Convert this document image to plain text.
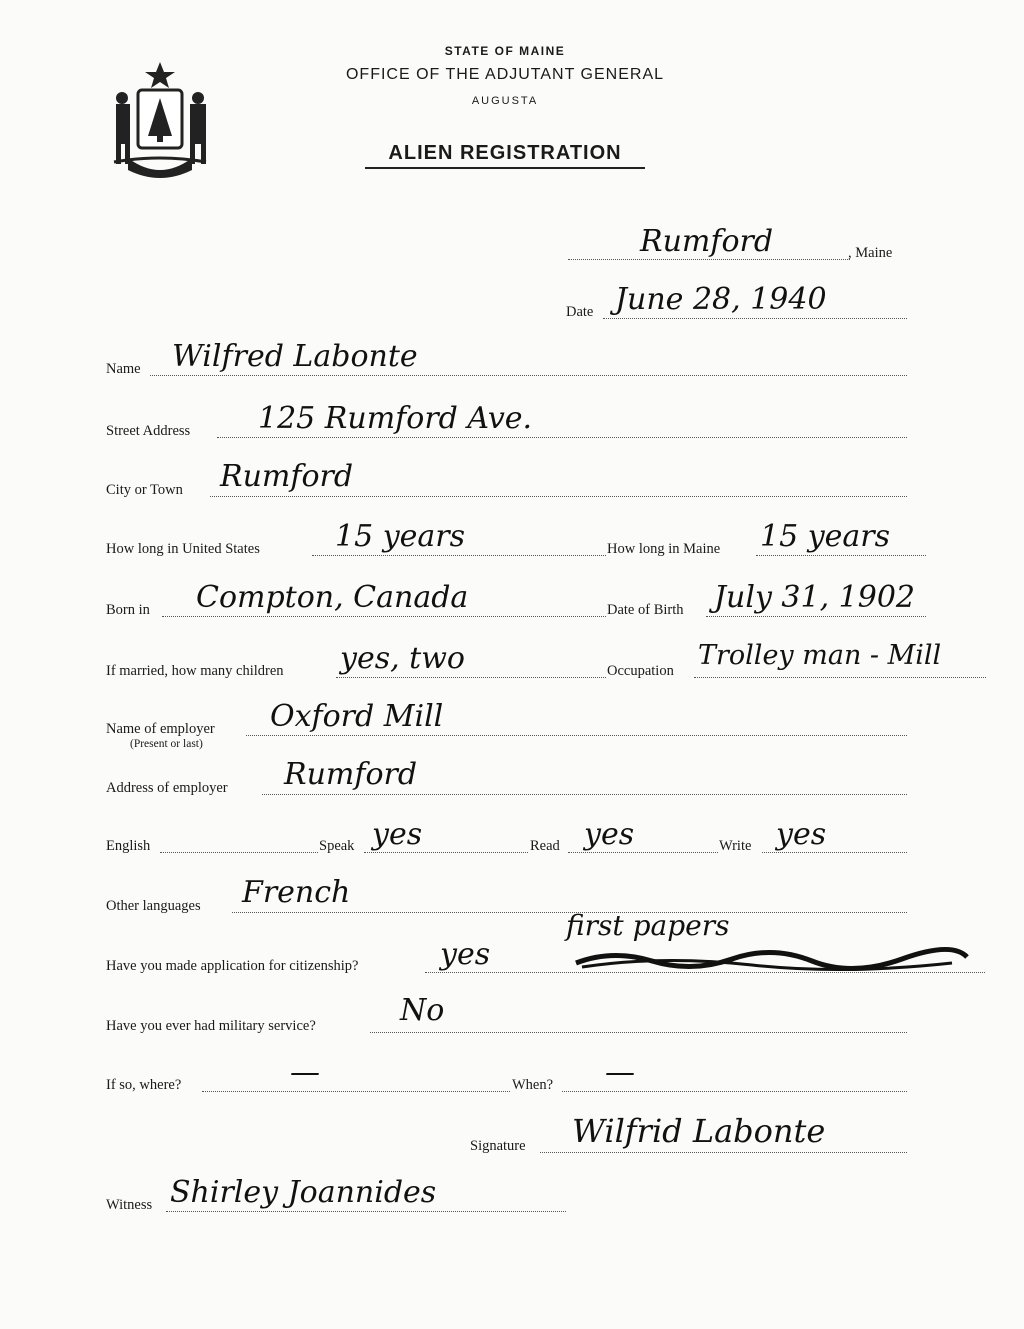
STATE OF MAINE
OFFICE OF THE ADJUTANT GENERAL
AUGUSTA
ALIEN REGISTRATION
Rumford	, Maine
Date June 28, 1940
Name Wilfred Labonte
Street Address 125 Rumford Ave.
City or Town Rumford
How long in United States	15 years	How long in Maine 15 years
Born in Compton, Canada	Date of Birth July 31, 1902
If married, how many children yes, two	Occupation Trolley man - Mill
Name of employer
(Present or last)
Oxford Mill
Address of employer Rumford
English	Speak yes	Read yes	Write yes
Other languages French
Have you made application for citizenship?	yes
first papers
Have you ever had military service?	No
If so, where?	—	When? —
Signature Wilfrid Labonte
Witness Shirley Joannides
